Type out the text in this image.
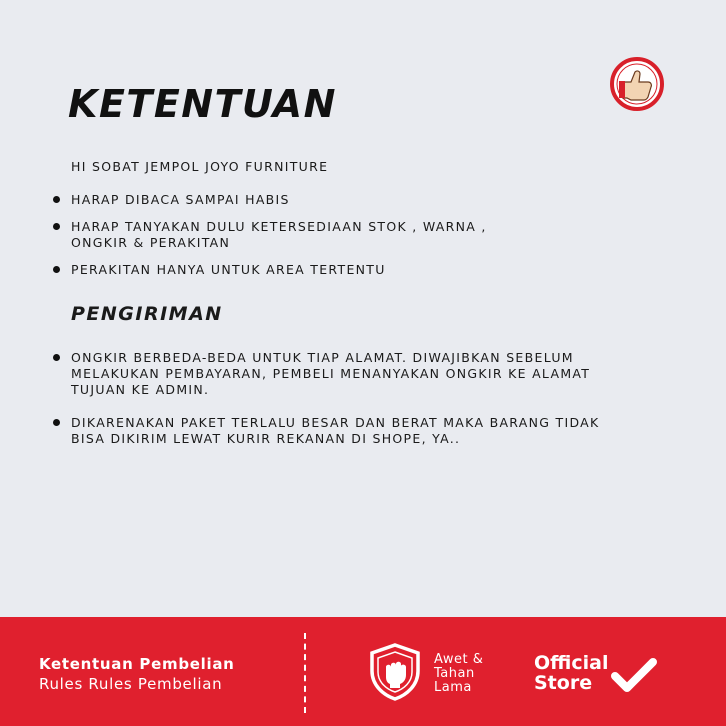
KETENTUAN
HI SOBAT JEMPOL JOYO FURNITURE
HARAP DIBACA SAMPAI HABIS
HARAP TANYAKAN DULU KETERSEDIAAN STOK , WARNA ,
ONGKIR & PERAKITAN
PERAKITAN HANYA UNTUK AREA TERTENTU
PENGIRIMAN
ONGKIR BERBEDA-BEDA UNTUK TIAP ALAMAT. DIWAJIBKAN SEBELUM
MELAKUKAN PEMBAYARAN, PEMBELI MENANYAKAN ONGKIR KE ALAMAT
TUJUAN KE ADMIN.
DIKARENAKAN PAKET TERLALU BESAR DAN BERAT MAKA BARANG TIDAK
BISA DIKIRIM LEWAT KURIR REKANAN DI SHOPE, YA..
Ketentuan Pembelian
Rules Rules Pembelian
Awet &
Tahan
Lama
Official
Store
